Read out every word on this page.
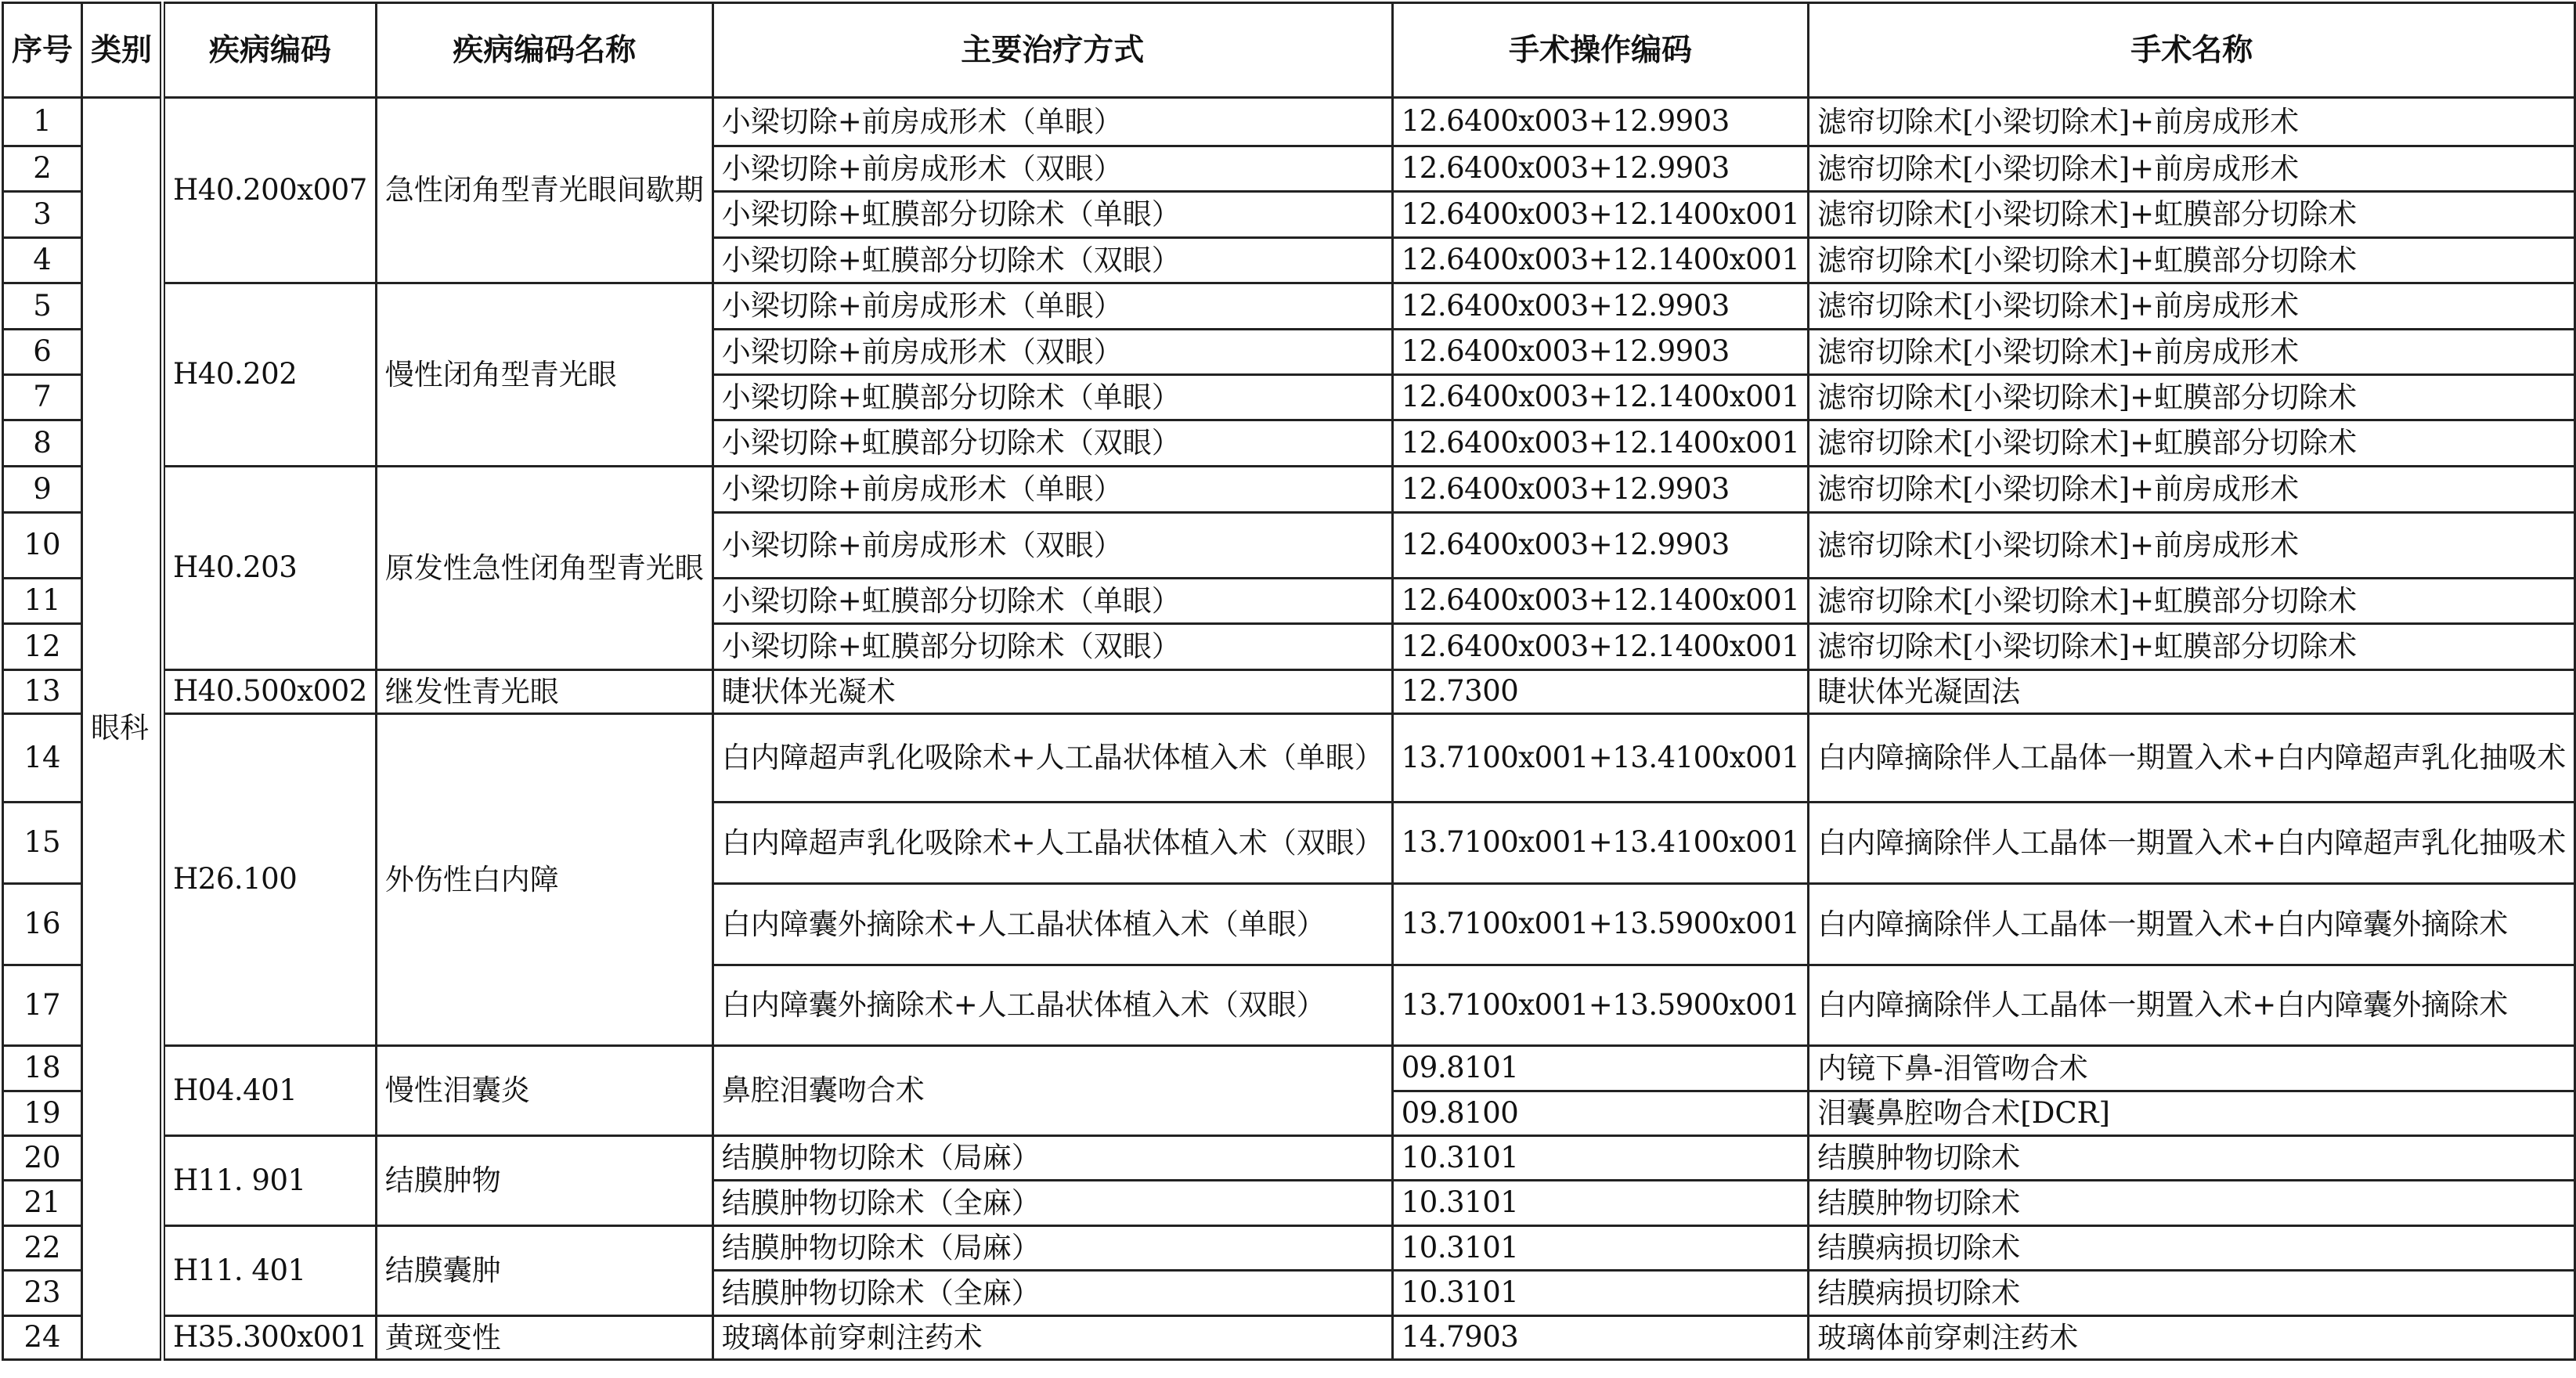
序号	类别	疾病编码	疾病编码名称	主要治疗方式	手术操作编码	手术名称
1	眼科	H40.200x007	急性闭角型青光眼间歇期	小梁切除+前房成形术（单眼）	12.6400x003+12.9903	滤帘切除术[小梁切除术]+前房成形术
2				小梁切除+前房成形术（双眼）	12.6400x003+12.9903	滤帘切除术[小梁切除术]+前房成形术
3				小梁切除+虹膜部分切除术（单眼）	12.6400x003+12.1400x001	滤帘切除术[小梁切除术]+虹膜部分切除术
4				小梁切除+虹膜部分切除术（双眼）	12.6400x003+12.1400x001	滤帘切除术[小梁切除术]+虹膜部分切除术
5		H40.202	慢性闭角型青光眼	小梁切除+前房成形术（单眼）	12.6400x003+12.9903	滤帘切除术[小梁切除术]+前房成形术
6				小梁切除+前房成形术（双眼）	12.6400x003+12.9903	滤帘切除术[小梁切除术]+前房成形术
7				小梁切除+虹膜部分切除术（单眼）	12.6400x003+12.1400x001	滤帘切除术[小梁切除术]+虹膜部分切除术
8				小梁切除+虹膜部分切除术（双眼）	12.6400x003+12.1400x001	滤帘切除术[小梁切除术]+虹膜部分切除术
9		H40.203	原发性急性闭角型青光眼	小梁切除+前房成形术（单眼）	12.6400x003+12.9903	滤帘切除术[小梁切除术]+前房成形术
10				小梁切除+前房成形术（双眼）	12.6400x003+12.9903	滤帘切除术[小梁切除术]+前房成形术
11				小梁切除+虹膜部分切除术（单眼）	12.6400x003+12.1400x001	滤帘切除术[小梁切除术]+虹膜部分切除术
12				小梁切除+虹膜部分切除术（双眼）	12.6400x003+12.1400x001	滤帘切除术[小梁切除术]+虹膜部分切除术
13		H40.500x002	继发性青光眼	睫状体光凝术	12.7300	睫状体光凝固法
14		H26.100	外伤性白内障	白内障超声乳化吸除术+人工晶状体植入术（单眼）	13.7100x001+13.4100x001	白内障摘除伴人工晶体一期置入术+白内障超声乳化抽吸术
15				白内障超声乳化吸除术+人工晶状体植入术（双眼）	13.7100x001+13.4100x001	白内障摘除伴人工晶体一期置入术+白内障超声乳化抽吸术
16				白内障囊外摘除术+人工晶状体植入术（单眼）	13.7100x001+13.5900x001	白内障摘除伴人工晶体一期置入术+白内障囊外摘除术
17				白内障囊外摘除术+人工晶状体植入术（双眼）	13.7100x001+13.5900x001	白内障摘除伴人工晶体一期置入术+白内障囊外摘除术
18		H04.401	慢性泪囊炎	鼻腔泪囊吻合术	09.8101	内镜下鼻-泪管吻合术
19					09.8100	泪囊鼻腔吻合术[DCR]
20		H11. 901	结膜肿物	结膜肿物切除术（局麻）	10.3101	结膜肿物切除术
21				结膜肿物切除术（全麻）	10.3101	结膜肿物切除术
22		H11. 401	结膜囊肿	结膜肿物切除术（局麻）	10.3101	结膜病损切除术
23				结膜肿物切除术（全麻）	10.3101	结膜病损切除术
24		H35.300x001	黄斑变性	玻璃体前穿刺注药术	14.7903	玻璃体前穿刺注药术
